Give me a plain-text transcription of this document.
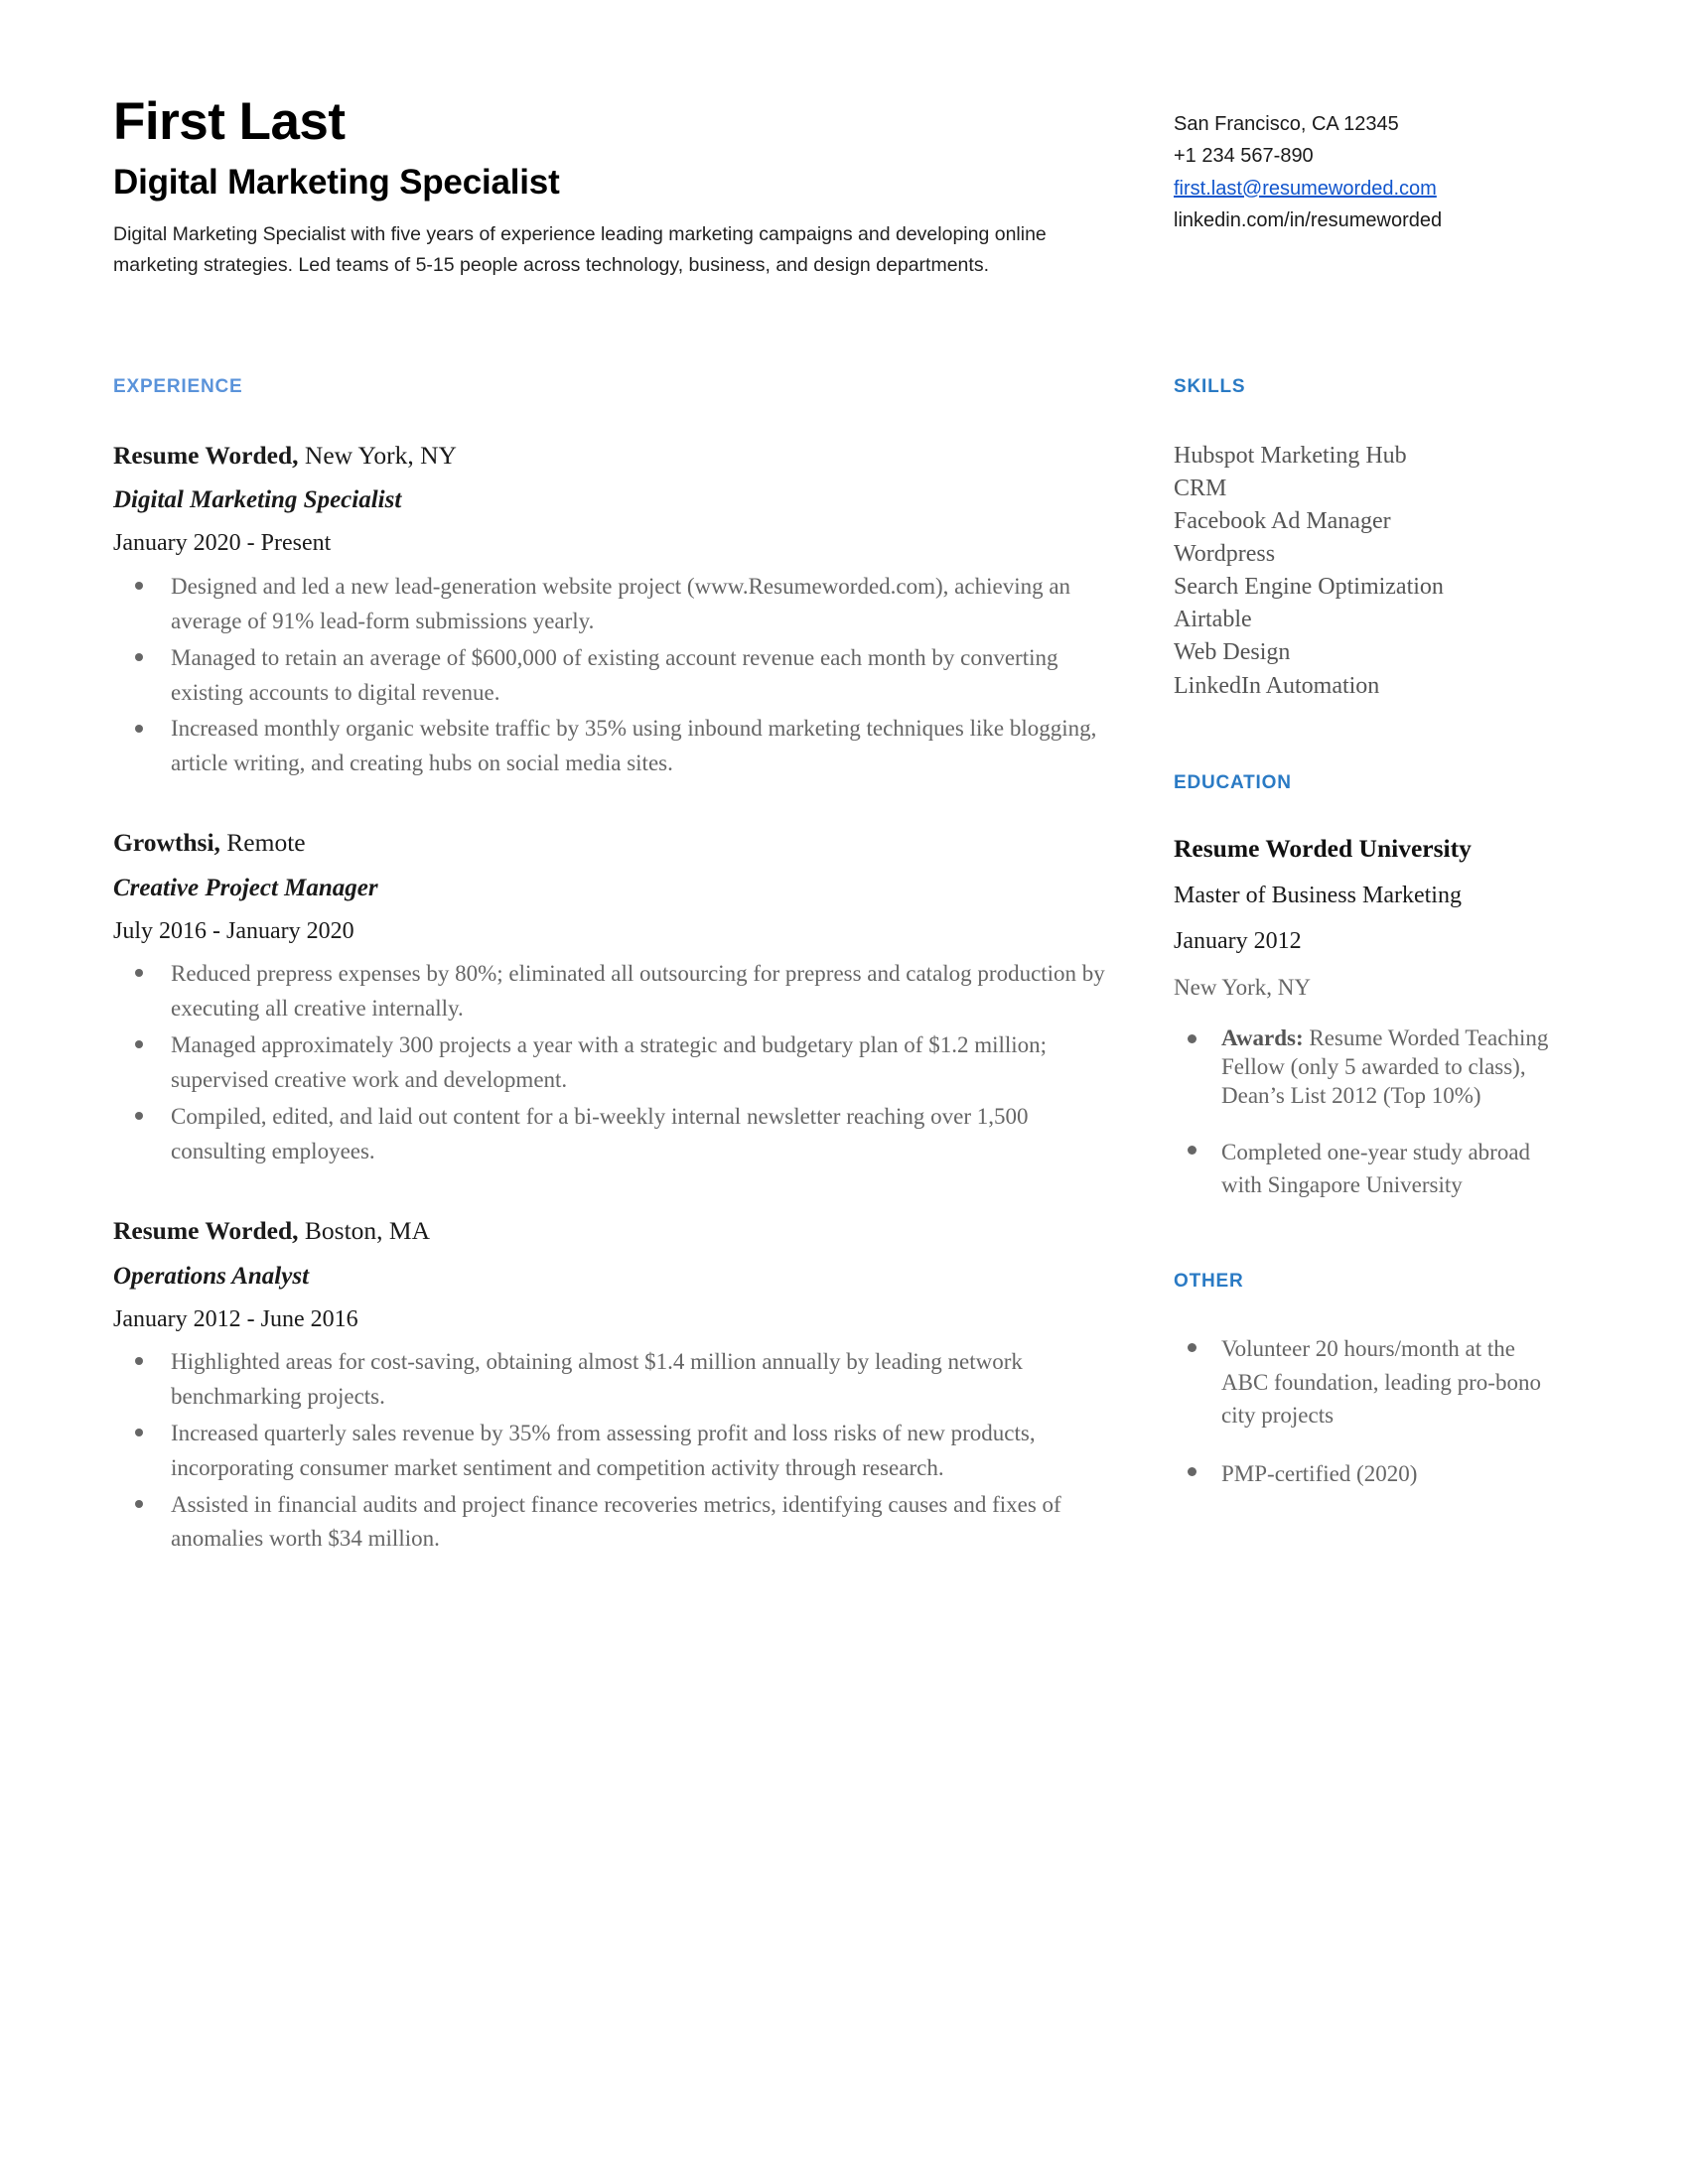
First Last
Digital Marketing Specialist

Digital Marketing Specialist with five years of experience leading marketing campaigns and developing online marketing strategies. Led teams of 5-15 people across technology, business, and design departments.

San Francisco, CA 12345
+1 234 567-890
first.last@resumeworded.com
linkedin.com/in/resumeworded
EXPERIENCE
Resume Worded, New York, NY
Digital Marketing Specialist
January 2020 - Present
Designed and led a new lead-generation website project (www.Resumeworded.com), achieving an average of 91% lead-form submissions yearly.
Managed to retain an average of $600,000 of existing account revenue each month by converting existing accounts to digital revenue.
Increased monthly organic website traffic by 35% using inbound marketing techniques like blogging, article writing, and creating hubs on social media sites.
Growthsi, Remote
Creative Project Manager
July 2016 - January 2020
Reduced prepress expenses by 80%; eliminated all outsourcing for prepress and catalog production by executing all creative internally.
Managed approximately 300 projects a year with a strategic and budgetary plan of $1.2 million; supervised creative work and development.
Compiled, edited, and laid out content for a bi-weekly internal newsletter reaching over 1,500 consulting employees.
Resume Worded, Boston, MA
Operations Analyst
January 2012 - June 2016
Highlighted areas for cost-saving, obtaining almost $1.4 million annually by leading network benchmarking projects.
Increased quarterly sales revenue by 35% from assessing profit and loss risks of new products, incorporating consumer market sentiment and competition activity through research.
Assisted in financial audits and project finance recoveries metrics, identifying causes and fixes of anomalies worth $34 million.
SKILLS
Hubspot Marketing Hub
CRM
Facebook Ad Manager
Wordpress
Search Engine Optimization
Airtable
Web Design
LinkedIn Automation
EDUCATION
Resume Worded University
Master of Business Marketing
January 2012
New York, NY
Awards: Resume Worded Teaching Fellow (only 5 awarded to class), Dean’s List 2012 (Top 10%)
Completed one-year study abroad with Singapore University
OTHER
Volunteer 20 hours/month at the ABC foundation, leading pro-bono city projects
PMP-certified (2020)
